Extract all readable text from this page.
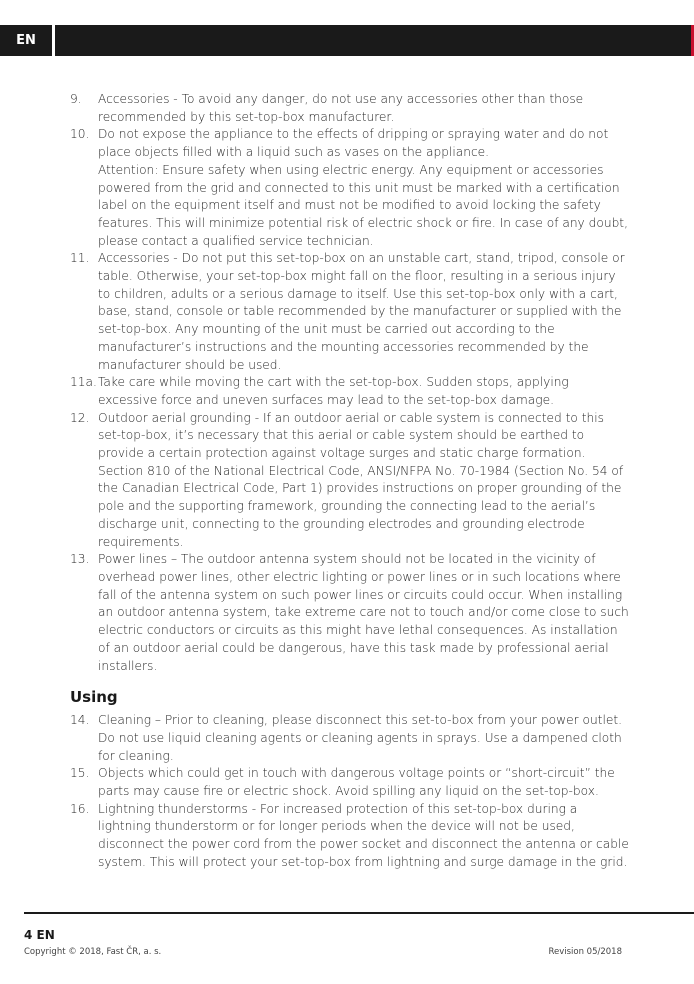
EN
9.	Accessories - To avoid any danger, do not use any accessories other than those recommended by this set-top-box manufacturer.
10. Do not expose the appliance to the effects of dripping or spraying water and do not place objects filled with a liquid such as vases on the appliance.
Attention: Ensure safety when using electric energy. Any equipment or accessories powered from the grid and connected to this unit must be marked with a certification label on the equipment itself and must not be modified to avoid locking the safety features. This will minimize potential risk of electric shock or fire. In case of any doubt, please contact a qualified service technician.
11. Accessories - Do not put this set-top-box on an unstable cart, stand, tripod, console or table. Otherwise, your set-top-box might fall on the floor, resulting in a serious injury to children, adults or a serious damage to itself. Use this set-top-box only with a cart, base, stand, console or table recommended by the manufacturer or supplied with the set-top-box. Any mounting of the unit must be carried out according to the manufacturer’s instructions and the mounting accessories recommended by the manufacturer should be used.
11a. Take care while moving the cart with the set-top-box. Sudden stops, applying excessive force and uneven surfaces may lead to the set-top-box damage.
12. Outdoor aerial grounding - If an outdoor aerial or cable system is connected to this set-top-box, it’s necessary that this aerial or cable system should be earthed to provide a certain protection against voltage surges and static charge formation. Section 810 of the National Electrical Code, ANSI/NFPA No. 70-1984 (Section No. 54 of the Canadian Electrical Code, Part 1) provides instructions on proper grounding of the pole and the supporting framework, grounding the connecting lead to the aerial’s discharge unit, connecting to the grounding electrodes and grounding electrode requirements.
13. Power lines – The outdoor antenna system should not be located in the vicinity of overhead power lines, other electric lighting or power lines or in such locations where fall of the antenna system on such power lines or circuits could occur. When installing an outdoor antenna system, take extreme care not to touch and/or come close to such electric conductors or circuits as this might have lethal consequences. As installation of an outdoor aerial could be dangerous, have this task made by professional aerial installers.
Using
14. Cleaning – Prior to cleaning, please disconnect this set-to-box from your power outlet. Do not use liquid cleaning agents or cleaning agents in sprays. Use a dampened cloth for cleaning.
15. Objects which could get in touch with dangerous voltage points or “short-circuit” the parts may cause fire or electric shock. Avoid spilling any liquid on the set-top-box.
16. Lightning thunderstorms - For increased protection of this set-top-box during a lightning thunderstorm or for longer periods when the device will not be used, disconnect the power cord from the power socket and disconnect the antenna or cable system. This will protect your set-top-box from lightning and surge damage in the grid.
4 EN
Copyright © 2018, Fast ČR, a. s.	Revision 05/2018
